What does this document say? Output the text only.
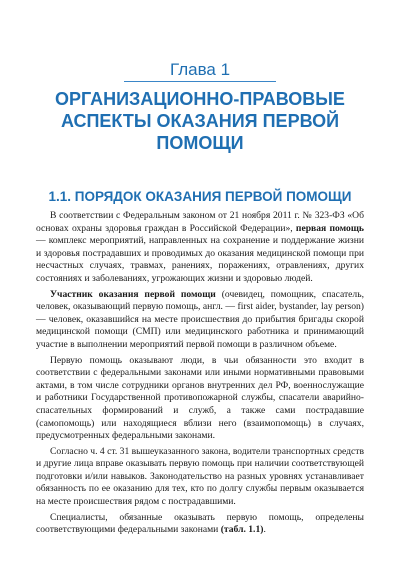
Глава 1
ОРГАНИЗАЦИОННО-ПРАВОВЫЕ АСПЕКТЫ ОКАЗАНИЯ ПЕРВОЙ ПОМОЩИ
1.1. ПОРЯДОК ОКАЗАНИЯ ПЕРВОЙ ПОМОЩИ

В соответствии с Федеральным законом от 21 ноября 2011 г. № 323-ФЗ «Об основах охраны здоровья граждан в Российской Федерации», первая помощь — комплекс мероприятий, направленных на сохранение и поддержание жизни и здоровья пострадавших и проводимых до оказания медицинской помощи при несчастных случаях, травмах, ранениях, поражениях, отравлениях, других состояниях и заболеваниях, угрожающих жизни и здоровью людей.

Участник оказания первой помощи (очевидец, помощник, спасатель, человек, оказывающий первую помощь, англ. — first aider, bystander, lay person) — человек, оказавшийся на месте происшествия до прибытия бригады скорой медицинской помощи (СМП) или медицинского работника и принимающий участие в выполнении мероприятий первой помощи в различном объеме.

Первую помощь оказывают люди, в чьи обязанности это входит в соответствии с федеральными законами или иными нормативными правовыми актами, в том числе сотрудники органов внутренних дел РФ, военнослужащие и работники Государственной противопожарной службы, спасатели аварийно-спасательных формирований и служб, а также сами пострадавшие (самопомощь) или находящиеся вблизи него (взаимопомощь) в случаях, предусмотренных федеральными законами.

Согласно ч. 4 ст. 31 вышеуказанного закона, водители транспортных средств и другие лица вправе оказывать первую помощь при наличии соответствующей подготовки и/или навыков. Законодательство на разных уровнях устанавливает обязанность по ее оказанию для тех, кто по долгу службы первым оказывается на месте происшествия рядом с пострадавшими.

Специалисты, обязанные оказывать первую помощь, определены соответствующими федеральными законами (табл. 1.1).
